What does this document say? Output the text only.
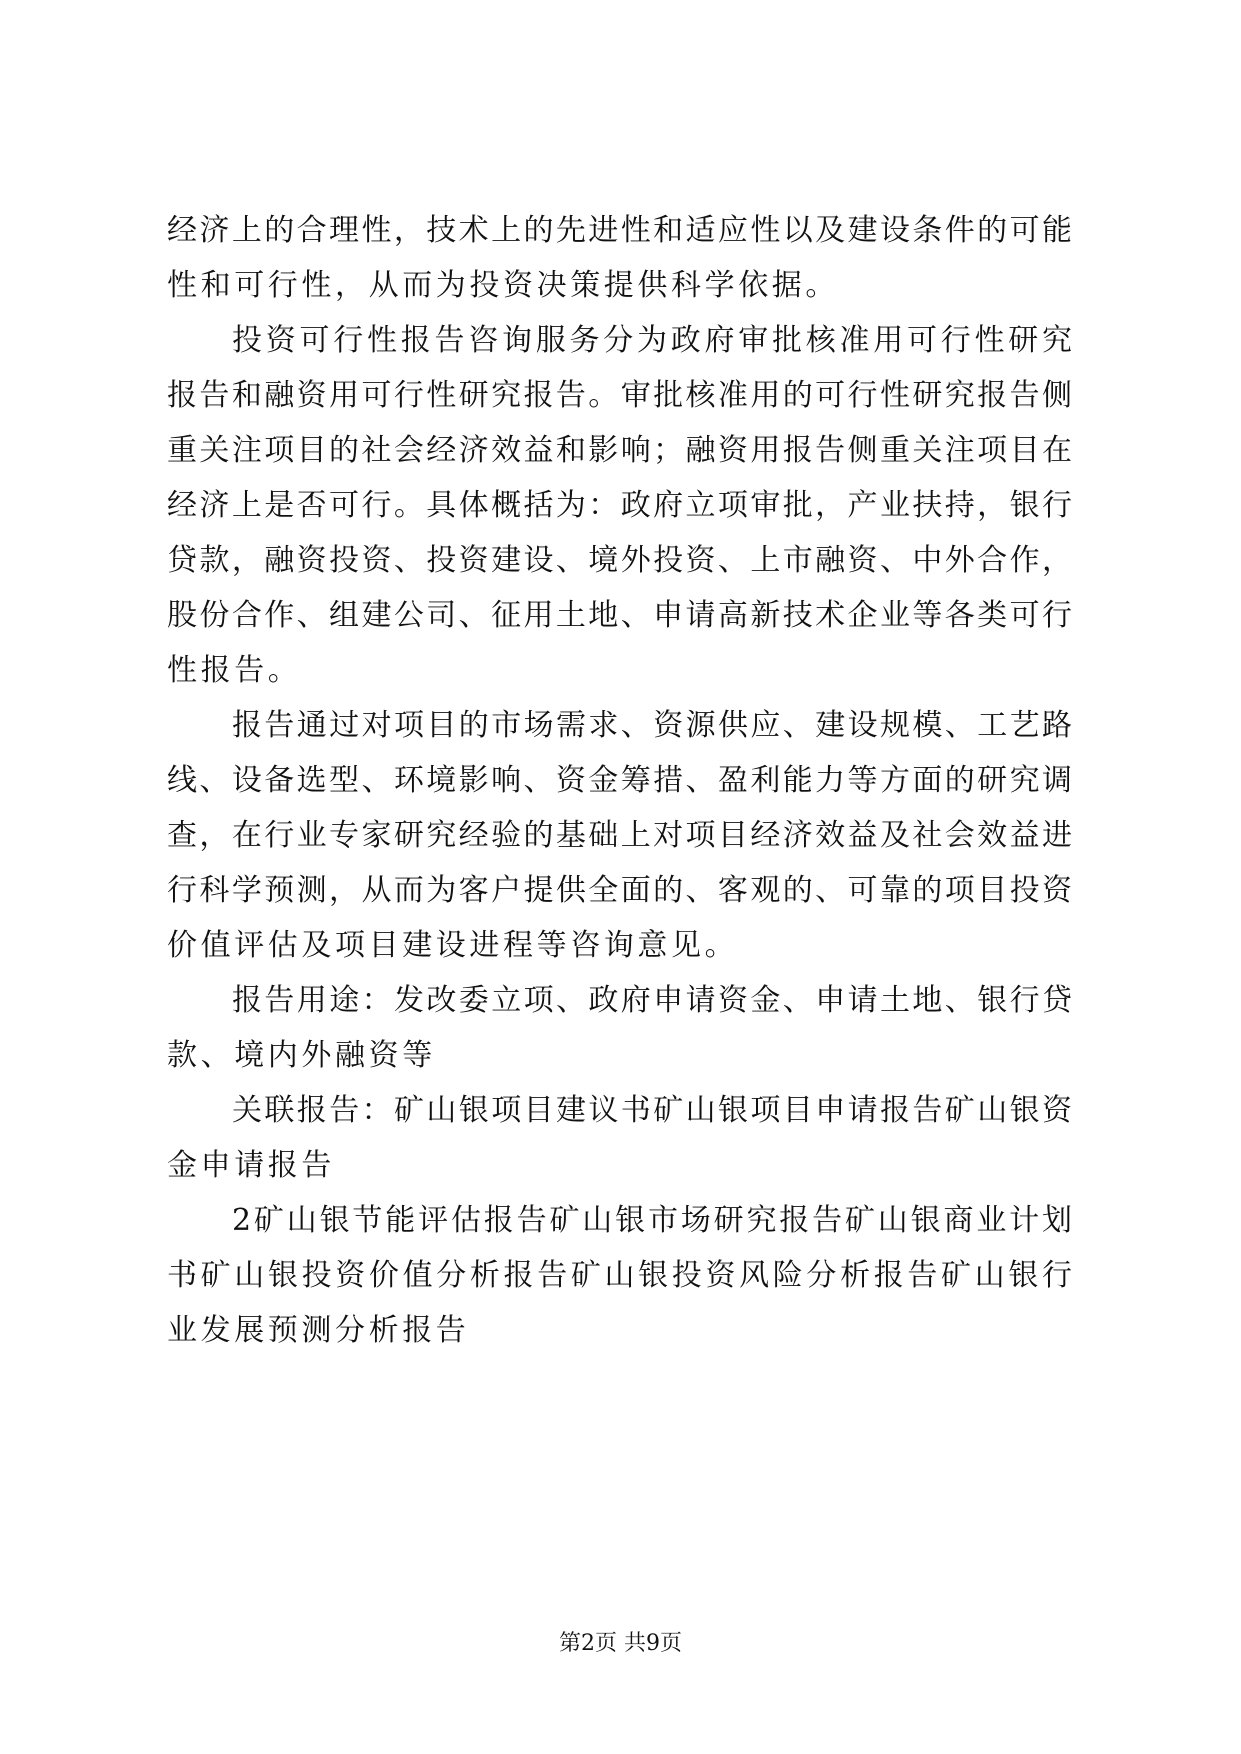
经济上的合理性，技术上的先进性和适应性以及建设条件的可能
性和可行性，从而为投资决策提供科学依据。
投资可行性报告咨询服务分为政府审批核准用可行性研究
报告和融资用可行性研究报告。审批核准用的可行性研究报告侧
重关注项目的社会经济效益和影响；融资用报告侧重关注项目在
经济上是否可行。具体概括为：政府立项审批，产业扶持，银行
贷款，融资投资、投资建设、境外投资、上市融资、中外合作，
股份合作、组建公司、征用土地、申请高新技术企业等各类可行
性报告。
报告通过对项目的市场需求、资源供应、建设规模、工艺路
线、设备选型、环境影响、资金筹措、盈利能力等方面的研究调
查，在行业专家研究经验的基础上对项目经济效益及社会效益进
行科学预测，从而为客户提供全面的、客观的、可靠的项目投资
价值评估及项目建设进程等咨询意见。
报告用途：发改委立项、政府申请资金、申请土地、银行贷
款、境内外融资等
关联报告：矿山银项目建议书矿山银项目申请报告矿山银资
金申请报告
2矿山银节能评估报告矿山银市场研究报告矿山银商业计划
书矿山银投资价值分析报告矿山银投资风险分析报告矿山银行
业发展预测分析报告
第2页 共9页
